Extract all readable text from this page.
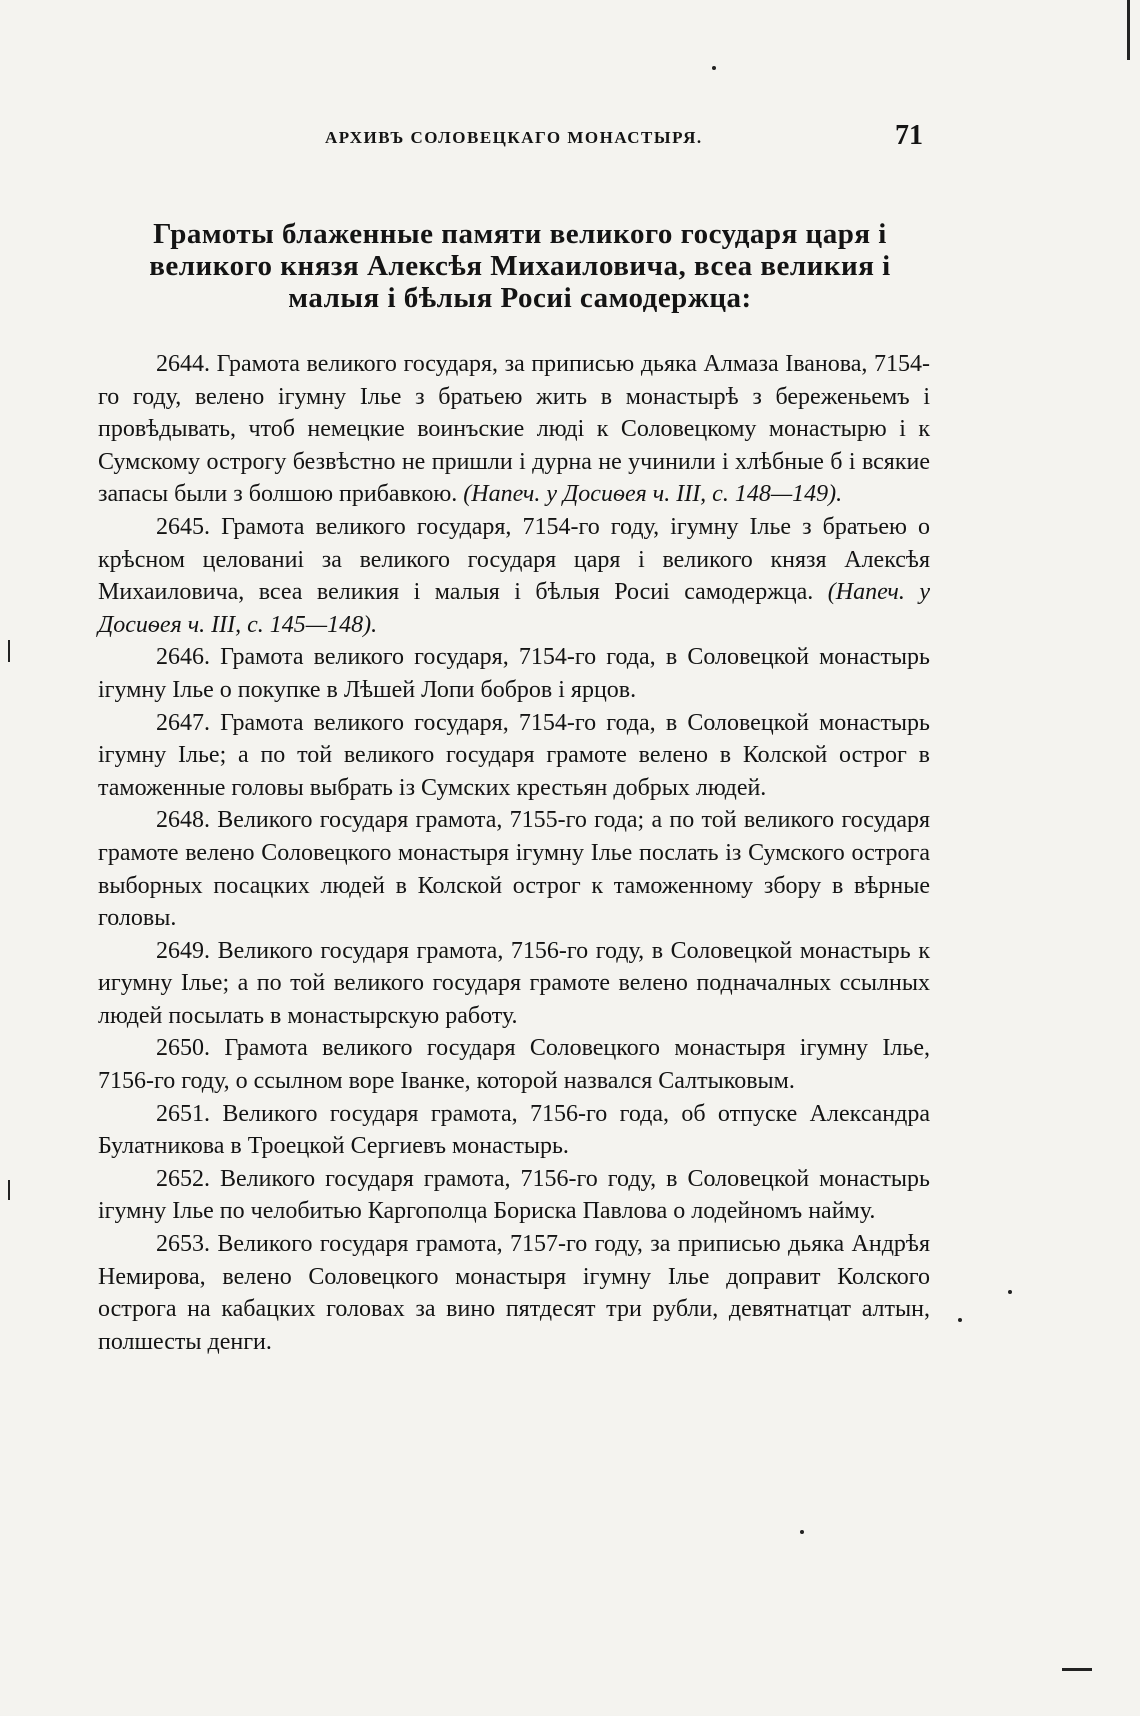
АРХИВЪ СОЛОВЕЦКАГО МОНАСТЫРЯ.	71
Грамоты блаженные памяти великого государя царя і великого князя Алексѣя Михаиловича, всеа великия і малыя і бѣлыя Росиі самодержца:

2644. Грамота великого государя, за приписью дьяка Алмаза Іванова, 7154-го году, велено ігумну Ілье з братьею жить в монастырѣ з береженьемъ і провѣдывать, чтоб немецкие воинъские люді к Соловецкому монастырю і к Сумскому острогу безвѣстно не пришли і дурна не учинили і хлѣбные б і всякие запасы были з болшою прибавкою. (Напеч. у Досиѳея ч. III, с. 148—149).

2645. Грамота великого государя, 7154-го году, ігумну Ілье з братьею о крѣсном целованиі за великого государя царя і великого князя Алексѣя Михаиловича, всеа великия і малыя і бѣлыя Росиі самодержца. (Напеч. у Досиѳея ч. III, с. 145—148).

2646. Грамота великого государя, 7154-го года, в Соловецкой монастырь ігумну Ілье о покупке в Лѣшей Лопи бобров і ярцов.

2647. Грамота великого государя, 7154-го года, в Соловецкой монастырь ігумну Ілье; а по той великого государя грамоте велено в Колской острог в таможенные головы выбрать із Сумских крестьян добрых людей.

2648. Великого государя грамота, 7155-го года; а по той великого государя грамоте велено Соловецкого монастыря ігумну Ілье послать із Сумского острога выборных посацких людей в Колской острог к таможенному збору в вѣрные головы.

2649. Великого государя грамота, 7156-го году, в Соловецкой монастырь к игумну Ілье; а по той великого государя грамоте велено подначалных ссылных людей посылать в монастырскую работу.

2650. Грамота великого государя Соловецкого монастыря ігумну Ілье, 7156-го году, о ссылном воре Іванке, которой назвался Салтыковым.

2651. Великого государя грамота, 7156-го года, об отпуске Александра Булатникова в Троецкой Сергиевъ монастырь.

2652. Великого государя грамота, 7156-го году, в Соловецкой монастырь ігумну Ілье по челобитью Каргополца Бориска Павлова о лодейномъ найму.

2653. Великого государя грамота, 7157-го году, за приписью дьяка Андрѣя Немирова, велено Соловецкого монастыря ігумну Ілье доправит Колского острога на кабацких головах за вино пятдесят три рубли, девятнатцат алтын, полшесты денги.
